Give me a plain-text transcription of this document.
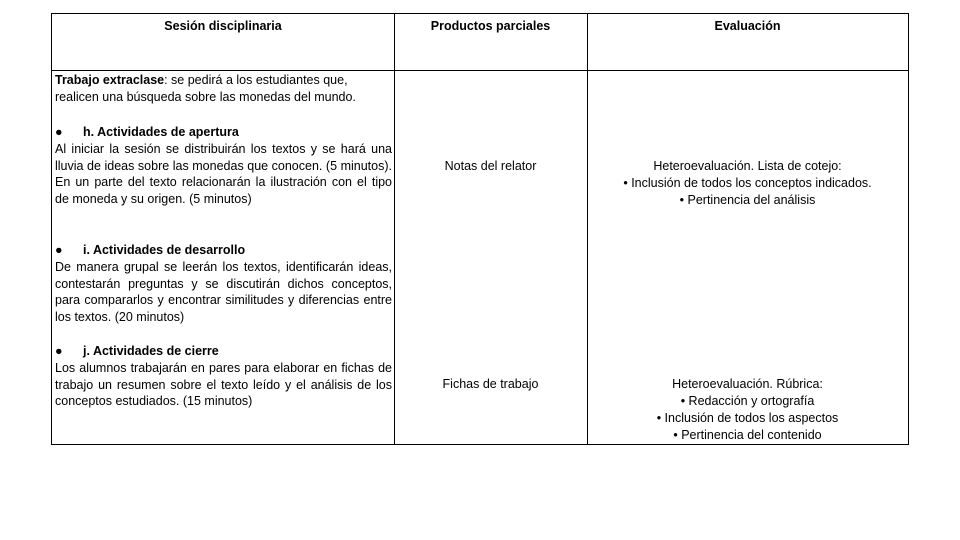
Sesión disciplinaria	Productos parciales	Evaluación

Trabajo extraclase: se pedirá a los estudiantes que, realicen una búsqueda sobre las monedas del mundo.

● h. Actividades de apertura

Al iniciar la sesión se distribuirán los textos y se hará una lluvia de ideas sobre las monedas que conocen. (5 minutos). En un parte del texto relacionarán la ilustración con el tipo de moneda y su origen. (5 minutos)

● i. Actividades de desarrollo

De manera grupal se leerán los textos, identificarán ideas, contestarán preguntas y se discutirán dichos conceptos, para compararlos y encontrar similitudes y diferencias entre los textos. (20 minutos)

● j. Actividades de cierre

Los alumnos trabajarán en pares para elaborar en fichas de trabajo un resumen sobre el texto leído y el análisis de los conceptos estudiados. (15 minutos)

Notas del relator
Fichas de trabajo
Heteroevaluación. Lista de cotejo:
• Inclusión de todos los conceptos indicados.
• Pertinencia del análisis
Heteroevaluación. Rúbrica:
• Redacción y ortografía
• Inclusión de todos los aspectos
• Pertinencia del contenido
